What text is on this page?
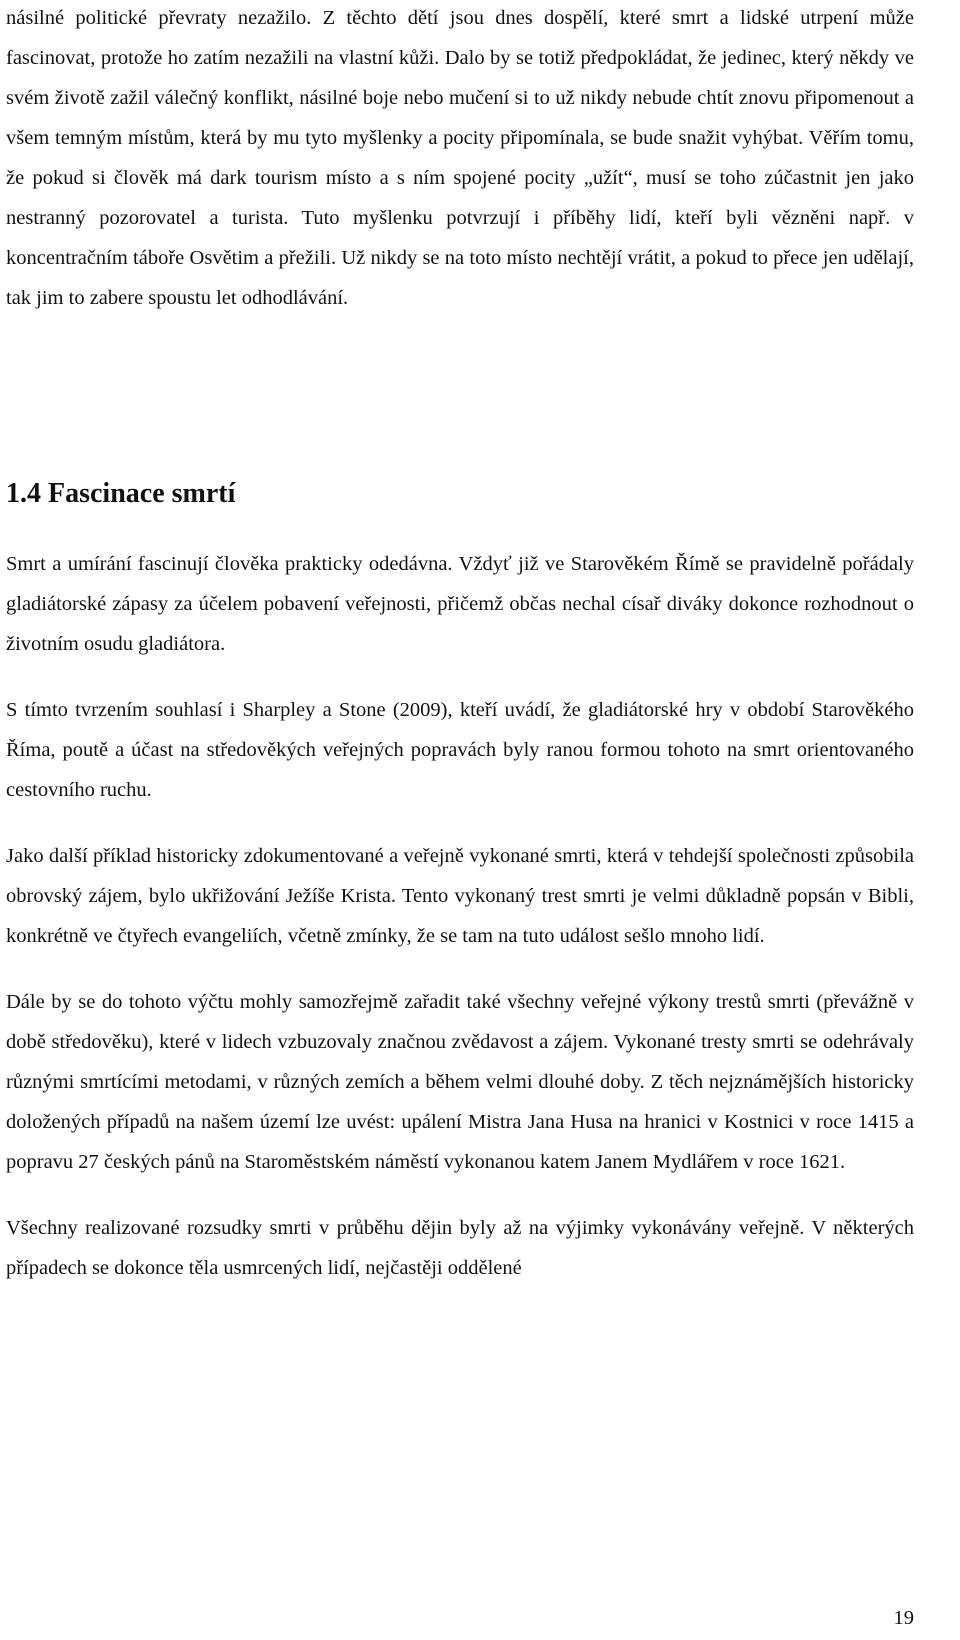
násilné politické převraty nezažilo. Z těchto dětí jsou dnes dospělí, které smrt a lidské utrpení může fascinovat, protože ho zatím nezažili na vlastní kůži. Dalo by se totiž předpokládat, že jedinec, který někdy ve svém životě zažil válečný konflikt, násilné boje nebo mučení si to už nikdy nebude chtít znovu připomenout a všem temným místům, která by mu tyto myšlenky a pocity připomínala, se bude snažit vyhýbat. Věřím tomu, že pokud si člověk má dark tourism místo a s ním spojené pocity „užít“, musí se toho zúčastnit jen jako nestranný pozorovatel a turista. Tuto myšlenku potvrzují i příběhy lidí, kteří byli vězněni např. v koncentračním táboře Osvětim a přežili. Už nikdy se na toto místo nechtějí vrátit, a pokud to přece jen udělají, tak jim to zabere spoustu let odhodlávání.

1.4 Fascinace smrtí

Smrt a umírání fascinují člověka prakticky odedávna. Vždyť již ve Starověkém Římě se pravidelně pořádaly gladiátorské zápasy za účelem pobavení veřejnosti, přičemž občas nechal císař diváky dokonce rozhodnout o životním osudu gladiátora.

S tímto tvrzením souhlasí i Sharpley a Stone (2009), kteří uvádí, že gladiátorské hry v období Starověkého Říma, poutě a účast na středověkých veřejných popravách byly ranou formou tohoto na smrt orientovaného cestovního ruchu.

Jako další příklad historicky zdokumentované a veřejně vykonané smrti, která v tehdejší společnosti způsobila obrovský zájem, bylo ukřižování Ježíše Krista. Tento vykonaný trest smrti je velmi důkladně popsán v Bibli, konkrétně ve čtyřech evangeliích, včetně zmínky, že se tam na tuto událost sešlo mnoho lidí.

Dále by se do tohoto výčtu mohly samozřejmě zařadit také všechny veřejné výkony trestů smrti (převážně v době středověku), které v lidech vzbuzovaly značnou zvědavost a zájem. Vykonané tresty smrti se odehrávaly různými smrtícími metodami, v různých zemích a během velmi dlouhé doby. Z těch nejznámějších historicky doložených případů na našem území lze uvést: upálení Mistra Jana Husa na hranici v Kostnici v roce 1415 a popravu 27 českých pánů na Staroměstském náměstí vykonanou katem Janem Mydlářem v roce 1621.

Všechny realizované rozsudky smrti v průběhu dějin byly až na výjimky vykonávány veřejně. V některých případech se dokonce těla usmrcených lidí, nejčastěji oddělené

19
